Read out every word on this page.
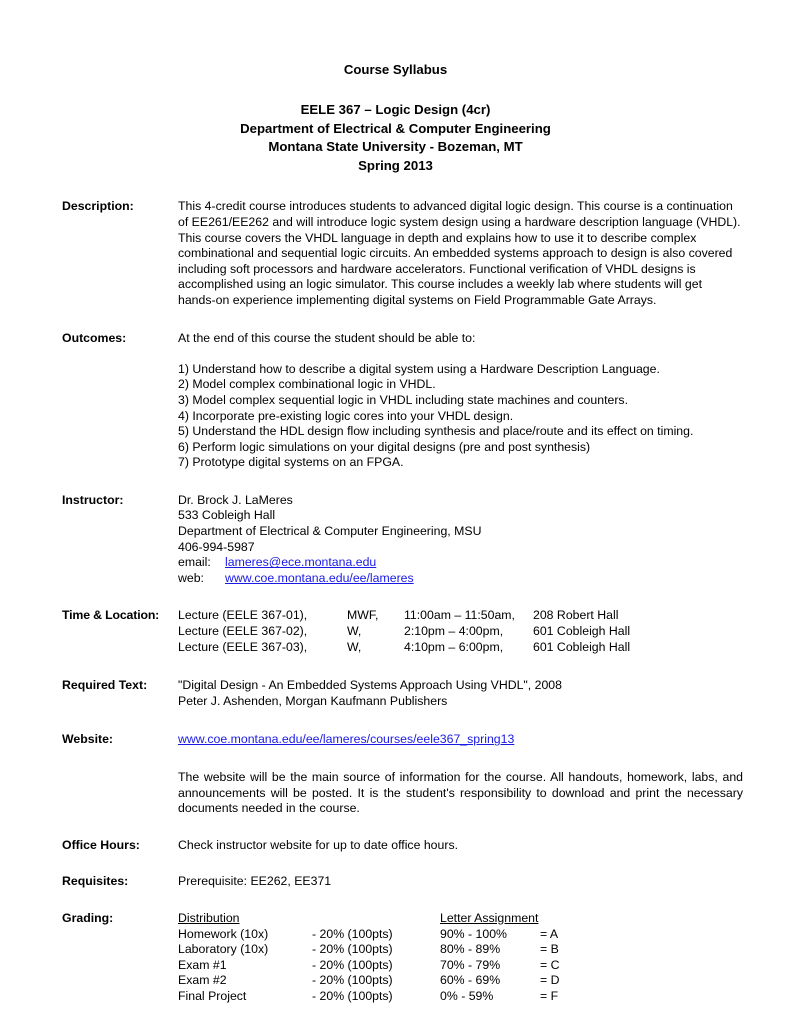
Course Syllabus
EELE 367 – Logic Design (4cr)
Department of Electrical & Computer Engineering
Montana State University - Bozeman, MT
Spring 2013
Description:	This 4-credit course introduces students to advanced digital logic design. This course is a continuation of EE261/EE262 and will introduce logic system design using a hardware description language (VHDL). This course covers the VHDL language in depth and explains how to use it to describe complex combinational and sequential logic circuits. An embedded systems approach to design is also covered including soft processors and hardware accelerators. Functional verification of VHDL designs is accomplished using an logic simulator. This course includes a weekly lab where students will get hands-on experience implementing digital systems on Field Programmable Gate Arrays.

Outcomes:	At the end of this course the student should be able to:

1) Understand how to describe a digital system using a Hardware Description Language.

2) Model complex combinational logic in VHDL.

3) Model complex sequential logic in VHDL including state machines and counters.

4) Incorporate pre-existing logic cores into your VHDL design.

5) Understand the HDL design flow including synthesis and place/route and its effect on timing.

6) Perform logic simulations on your digital designs (pre and post synthesis)

7) Prototype digital systems on an FPGA.

Instructor:	Dr. Brock J. LaMeres

533 Cobleigh Hall

Department of Electrical & Computer Engineering, MSU

406-994-5987

email:	lameres@ece.montana.edu
web:	www.coe.montana.edu/ee/lameres
Time & Location:	Lecture (EELE 367-01),	MWF,	11:00am – 11:50am,	208 Robert Hall
Lecture (EELE 367-02),	W,	2:10pm – 4:00pm,	601 Cobleigh Hall
Lecture (EELE 367-03),	W,	4:10pm – 6:00pm,	601 Cobleigh Hall
Required Text:	"Digital Design - An Embedded Systems Approach Using VHDL", 2008

Peter J. Ashenden, Morgan Kaufmann Publishers

Website:	www.coe.montana.edu/ee/lameres/courses/eele367_spring13

The website will be the main source of information for the course. All handouts, homework, labs, and announcements will be posted. It is the student's responsibility to download and print the necessary documents needed in the course.

Office Hours:	Check instructor website for up to date office hours.

Requisites:	Prerequisite: EE262, EE371

Grading:	Distribution		Letter Assignment	
Homework (10x)	- 20% (100pts)	90% - 100%	= A
Laboratory (10x)	- 20% (100pts)	80% - 89%	= B
Exam #1	- 20% (100pts)	70% - 79%	= C
Exam #2	- 20% (100pts)	60% - 69%	= D
Final Project	- 20% (100pts)	0% - 59%	= F
